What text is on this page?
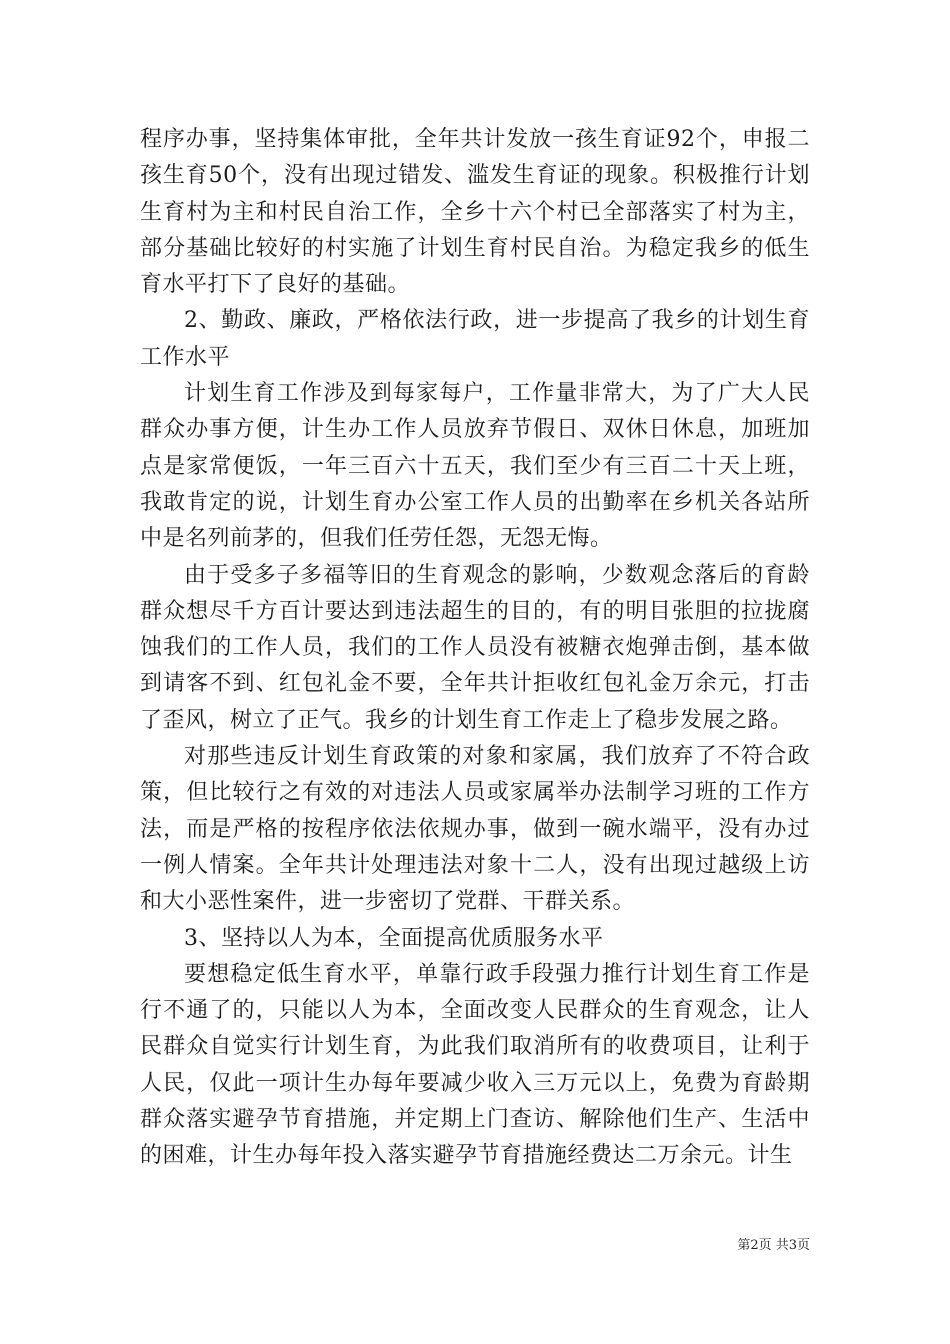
程序办事，坚持集体审批，全年共计发放一孩生育证92个，申报二孩生育50个，没有出现过错发、滥发生育证的现象。积极推行计划生育村为主和村民自治工作，全乡十六个村已全部落实了村为主，部分基础比较好的村实施了计划生育村民自治。为稳定我乡的低生育水平打下了良好的基础。

2、勤政、廉政，严格依法行政，进一步提高了我乡的计划生育工作水平

计划生育工作涉及到每家每户，工作量非常大，为了广大人民群众办事方便，计生办工作人员放弃节假日、双休日休息，加班加点是家常便饭，一年三百六十五天，我们至少有三百二十天上班，我敢肯定的说，计划生育办公室工作人员的出勤率在乡机关各站所中是名列前茅的，但我们任劳任怨，无怨无悔。

由于受多子多福等旧的生育观念的影响，少数观念落后的育龄群众想尽千方百计要达到违法超生的目的，有的明目张胆的拉拢腐蚀我们的工作人员，我们的工作人员没有被糖衣炮弹击倒，基本做到请客不到、红包礼金不要，全年共计拒收红包礼金万余元，打击了歪风，树立了正气。我乡的计划生育工作走上了稳步发展之路。

对那些违反计划生育政策的对象和家属，我们放弃了不符合政策，但比较行之有效的对违法人员或家属举办法制学习班的工作方法，而是严格的按程序依法依规办事，做到一碗水端平，没有办过一例人情案。全年共计处理违法对象十二人，没有出现过越级上访和大小恶性案件，进一步密切了党群、干群关系。

3、坚持以人为本，全面提高优质服务水平

要想稳定低生育水平，单靠行政手段强力推行计划生育工作是行不通了的，只能以人为本，全面改变人民群众的生育观念，让人民群众自觉实行计划生育，为此我们取消所有的收费项目，让利于人民，仅此一项计生办每年要减少收入三万元以上，免费为育龄期群众落实避孕节育措施，并定期上门查访、解除他们生产、生活中的困难，计生办每年投入落实避孕节育措施经费达二万余元。计生

第2页 共3页
